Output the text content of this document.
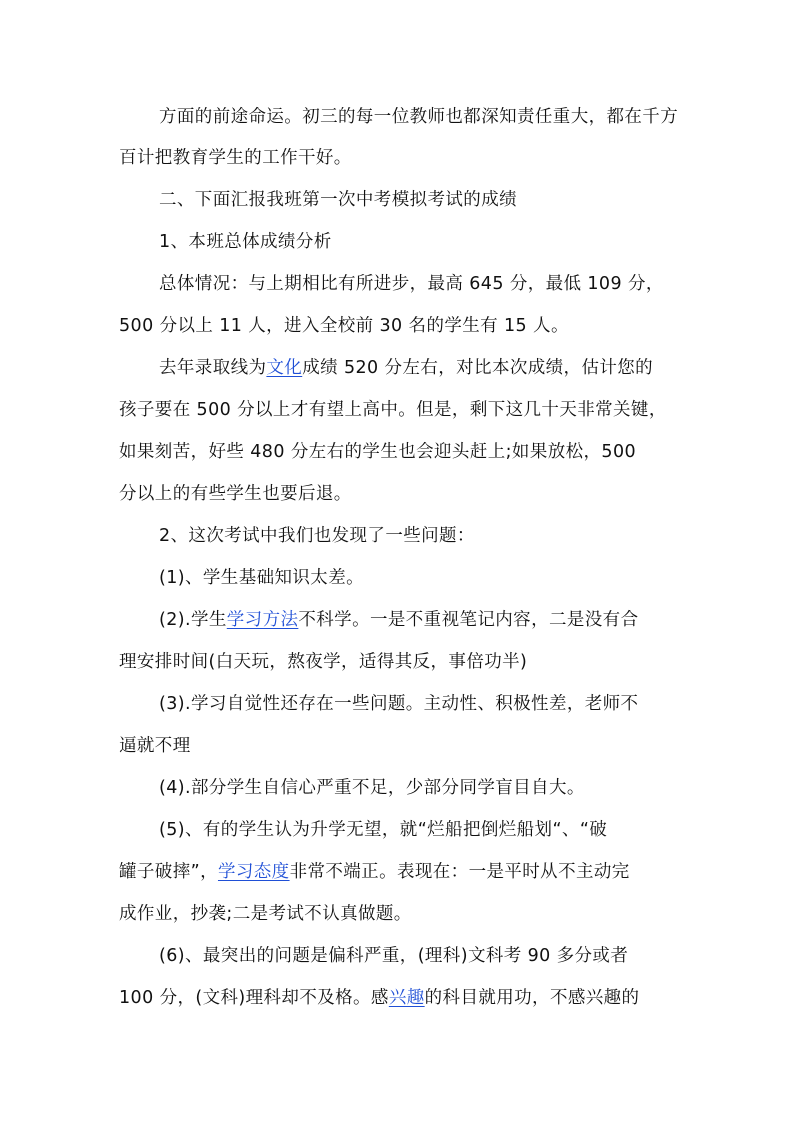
方面的前途命运。初三的每一位教师也都深知责任重大，都在千方
百计把教育学生的工作干好。
二、下面汇报我班第一次中考模拟考试的成绩
1、本班总体成绩分析
总体情况：与上期相比有所进步，最高 645 分，最低 109 分，
500 分以上 11 人，进入全校前 30 名的学生有 15 人。
去年录取线为文化成绩 520 分左右，对比本次成绩，估计您的
孩子要在 500 分以上才有望上高中。但是，剩下这几十天非常关键，
如果刻苦，好些 480 分左右的学生也会迎头赶上;如果放松，500
分以上的有些学生也要后退。
2、这次考试中我们也发现了一些问题：
(1)、学生基础知识太差。
(2).学生学习方法不科学。一是不重视笔记内容，二是没有合
理安排时间(白天玩，熬夜学，适得其反，事倍功半)
(3).学习自觉性还存在一些问题。主动性、积极性差，老师不
逼就不理
(4).部分学生自信心严重不足，少部分同学盲目自大。
(5)、有的学生认为升学无望，就“烂船把倒烂船划“、“破
罐子破摔”，学习态度非常不端正。表现在：一是平时从不主动完
成作业，抄袭;二是考试不认真做题。
(6)、最突出的问题是偏科严重，(理科)文科考 90 多分或者
100 分，(文科)理科却不及格。感兴趣的科目就用功，不感兴趣的
